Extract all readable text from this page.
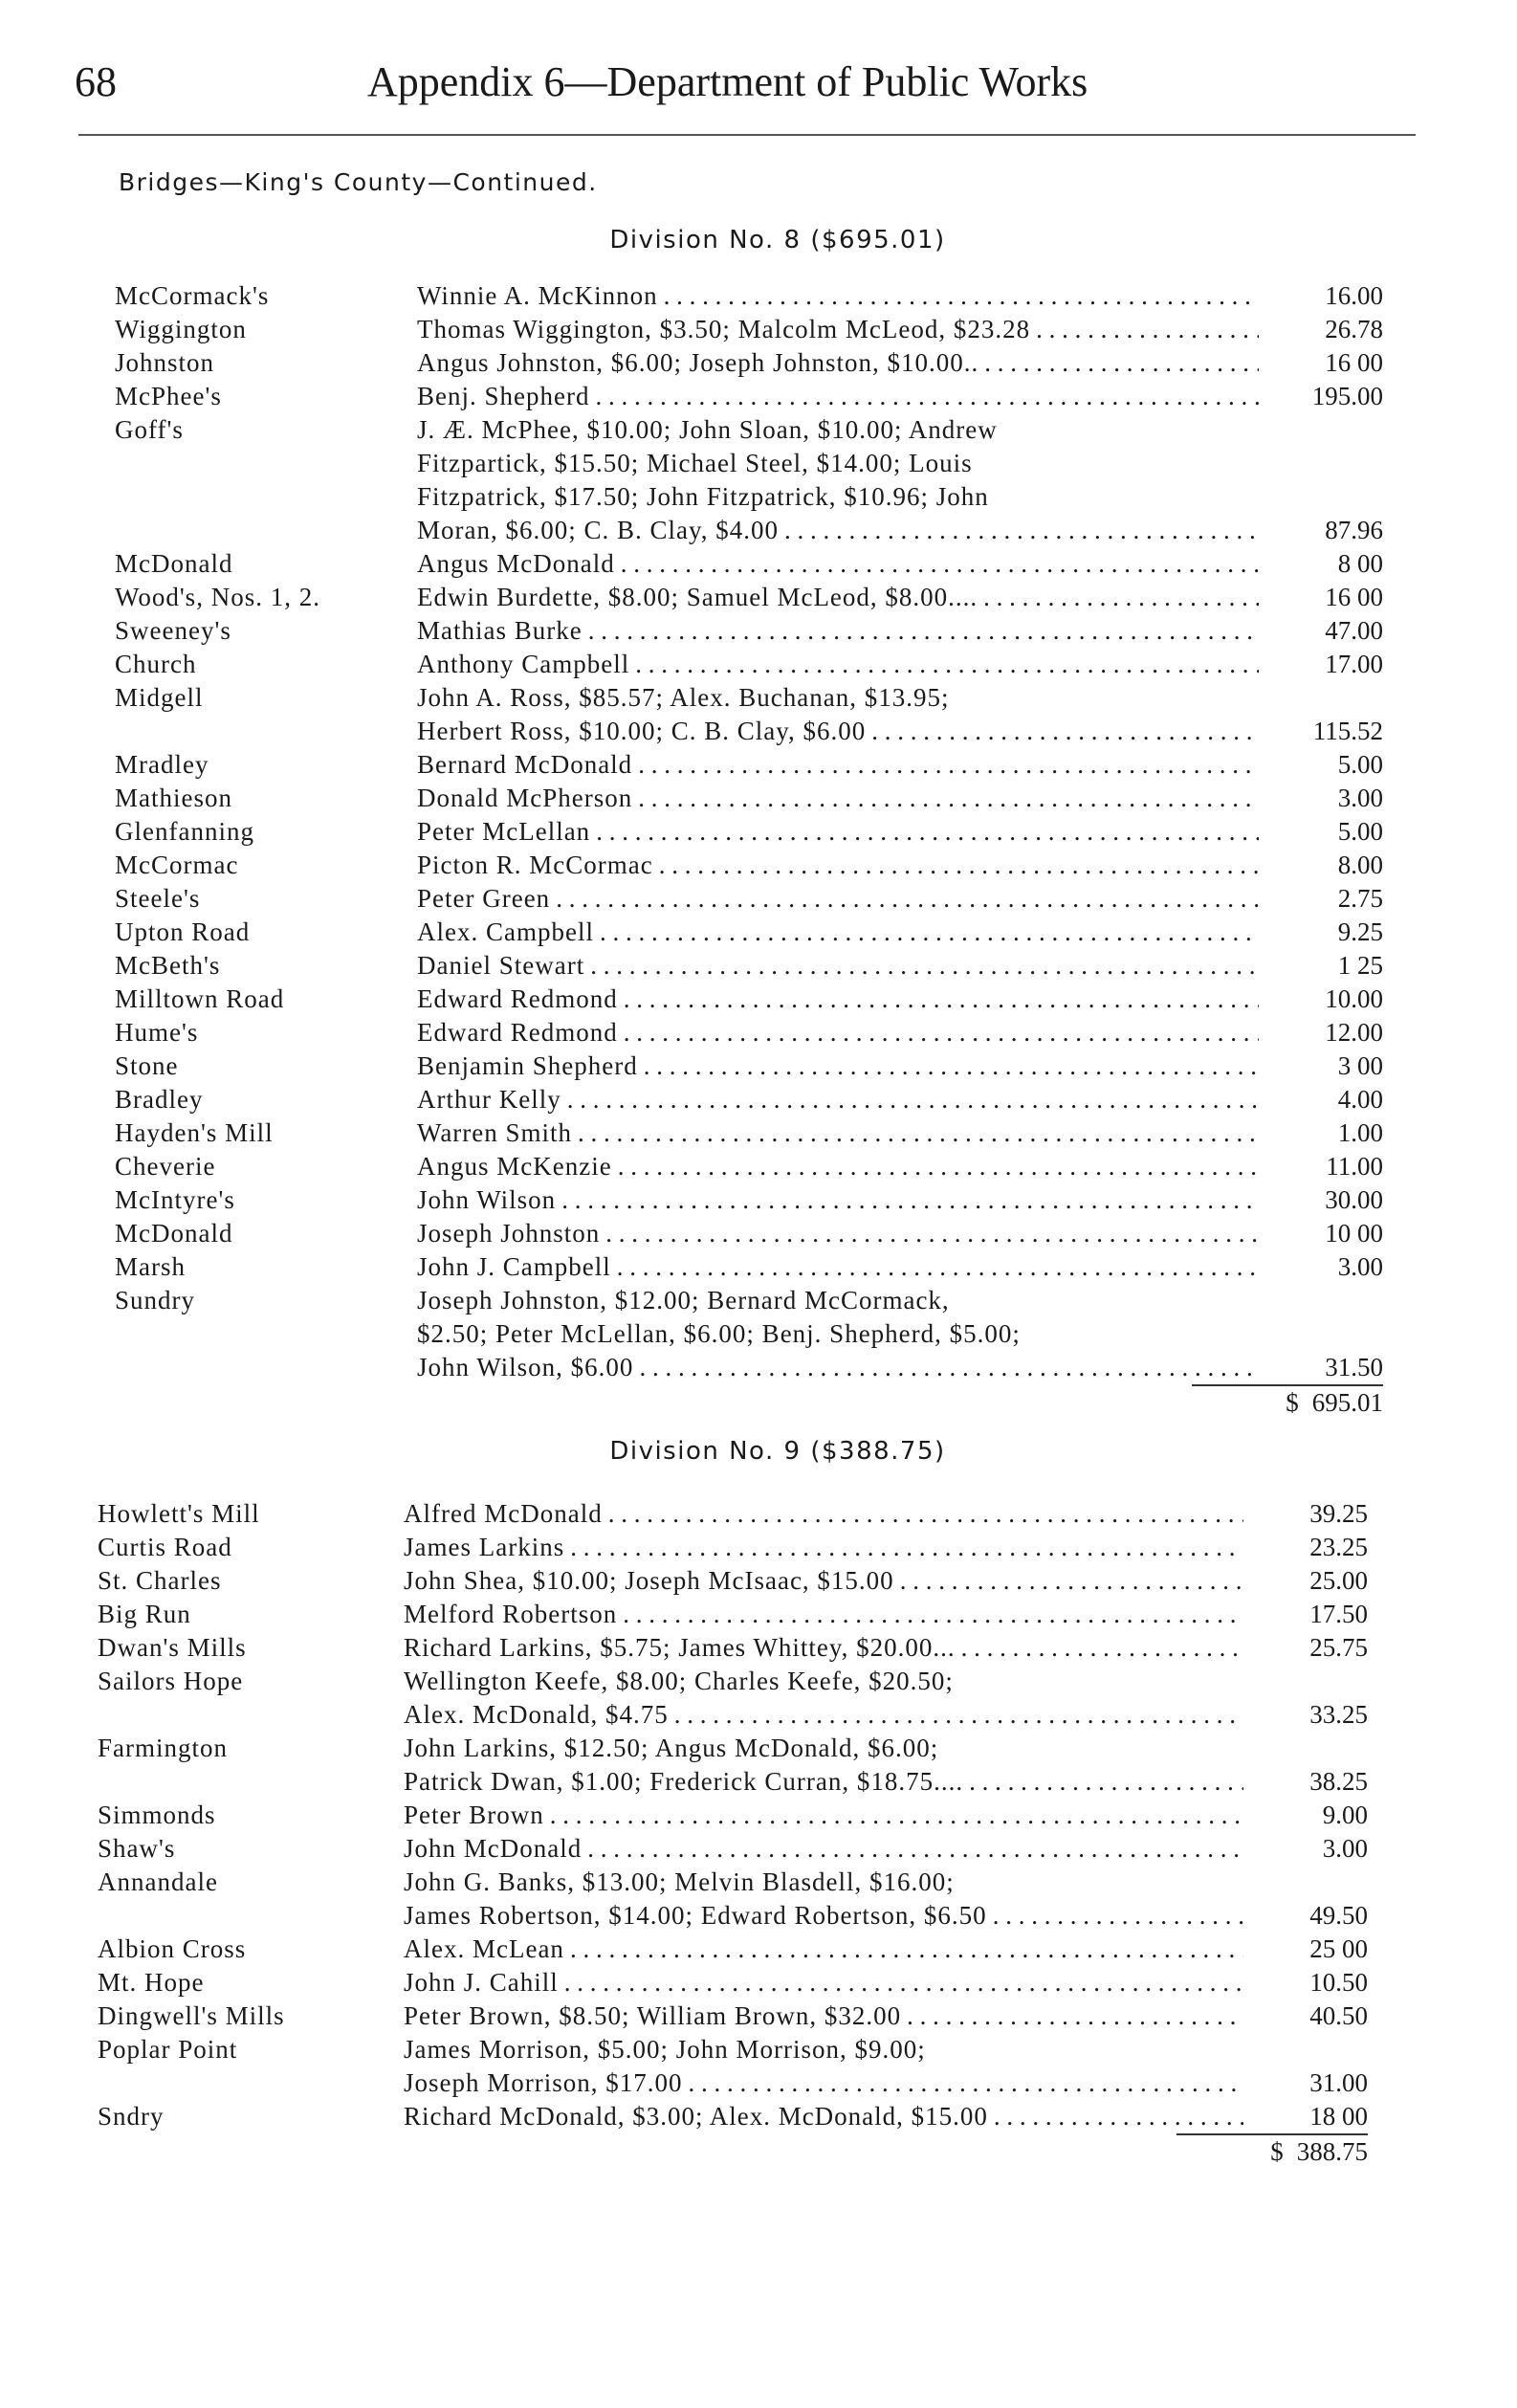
68	Appendix 6—Department of Public Works
Bridges—King's County—Continued.
Division No. 8 ($695.01)
McCormack's	Winnie A. McKinnon . . .	16.00
Wiggington	Thomas Wiggington, $3.50; Malcolm McLeod, $23.28 . . .	26.78
Johnston	Angus Johnston, $6.00; Joseph Johnston, $10.00.. . . .	16 00
McPhee's	Benj. Shepherd . . .	195.00
Goff's	J. Æ. McPhee, $10.00; John Sloan, $10.00; Andrew
Fitzpartick, $15.50; Michael Steel, $14.00; Louis
Fitzpatrick, $17.50; John Fitzpatrick, $10.96; John
Moran, $6.00; C. B. Clay, $4.00 . . .	87.96
McDonald	Angus McDonald . . .	8 00
Wood's, Nos. 1, 2.	Edwin Burdette, $8.00; Samuel McLeod, $8.00.... . . .	16 00
Sweeney's	Mathias Burke . . .	47.00
Church	Anthony Campbell . . .	17.00
Midgell	John A. Ross, $85.57; Alex. Buchanan, $13.95;
Herbert Ross, $10.00; C. B. Clay, $6.00 . . .	115.52
Mradley	Bernard McDonald . . .	5.00
Mathieson	Donald McPherson . . .	3.00
Glenfanning	Peter McLellan . . .	5.00
McCormac	Picton R. McCormac . . .	8.00
Steele's	Peter Green . . .	2.75
Upton Road	Alex. Campbell . . .	9.25
McBeth's	Daniel Stewart . . .	1 25
Milltown Road	Edward Redmond . . .	10.00
Hume's	Edward Redmond . . .	12.00
Stone	Benjamin Shepherd . . .	3 00
Bradley	Arthur Kelly . . .	4.00
Hayden's Mill	Warren Smith . . .	1.00
Cheverie	Angus McKenzie . . .	11.00
McIntyre's	John Wilson . . .	30.00
McDonald	Joseph Johnston . . .	10 00
Marsh	John J. Campbell . . .	3.00
Sundry	Joseph Johnston, $12.00; Bernard McCormack,
$2.50; Peter McLellan, $6.00; Benj. Shepherd, $5.00;
John Wilson, $6.00 . . .	31.50
$ 695.01
Division No. 9 ($388.75)
Howlett's Mill	Alfred McDonald . . .	39.25
Curtis Road	James Larkins . . .	23.25
St. Charles	John Shea, $10.00; Joseph McIsaac, $15.00 . . .	25.00
Big Run	Melford Robertson . . .	17.50
Dwan's Mills	Richard Larkins, $5.75; James Whittey, $20.00... . . .	25.75
Sailors Hope	Wellington Keefe, $8.00; Charles Keefe, $20.50;
Alex. McDonald, $4.75 . . .	33.25
Farmington	John Larkins, $12.50; Angus McDonald, $6.00;
Patrick Dwan, $1.00; Frederick Curran, $18.75.... . . .	38.25
Simmonds	Peter Brown . . .	9.00
Shaw's	John McDonald . . .	3.00
Annandale	John G. Banks, $13.00; Melvin Blasdell, $16.00;
James Robertson, $14.00; Edward Robertson, $6.50 . . .	49.50
Albion Cross	Alex. McLean . . .	25 00
Mt. Hope	John J. Cahill . . .	10.50
Dingwell's Mills	Peter Brown, $8.50; William Brown, $32.00 . . .	40.50
Poplar Point	James Morrison, $5.00; John Morrison, $9.00;
Joseph Morrison, $17.00 . . .	31.00
Sndry	Richard McDonald, $3.00; Alex. McDonald, $15.00 . . .	18 00
$ 388.75
